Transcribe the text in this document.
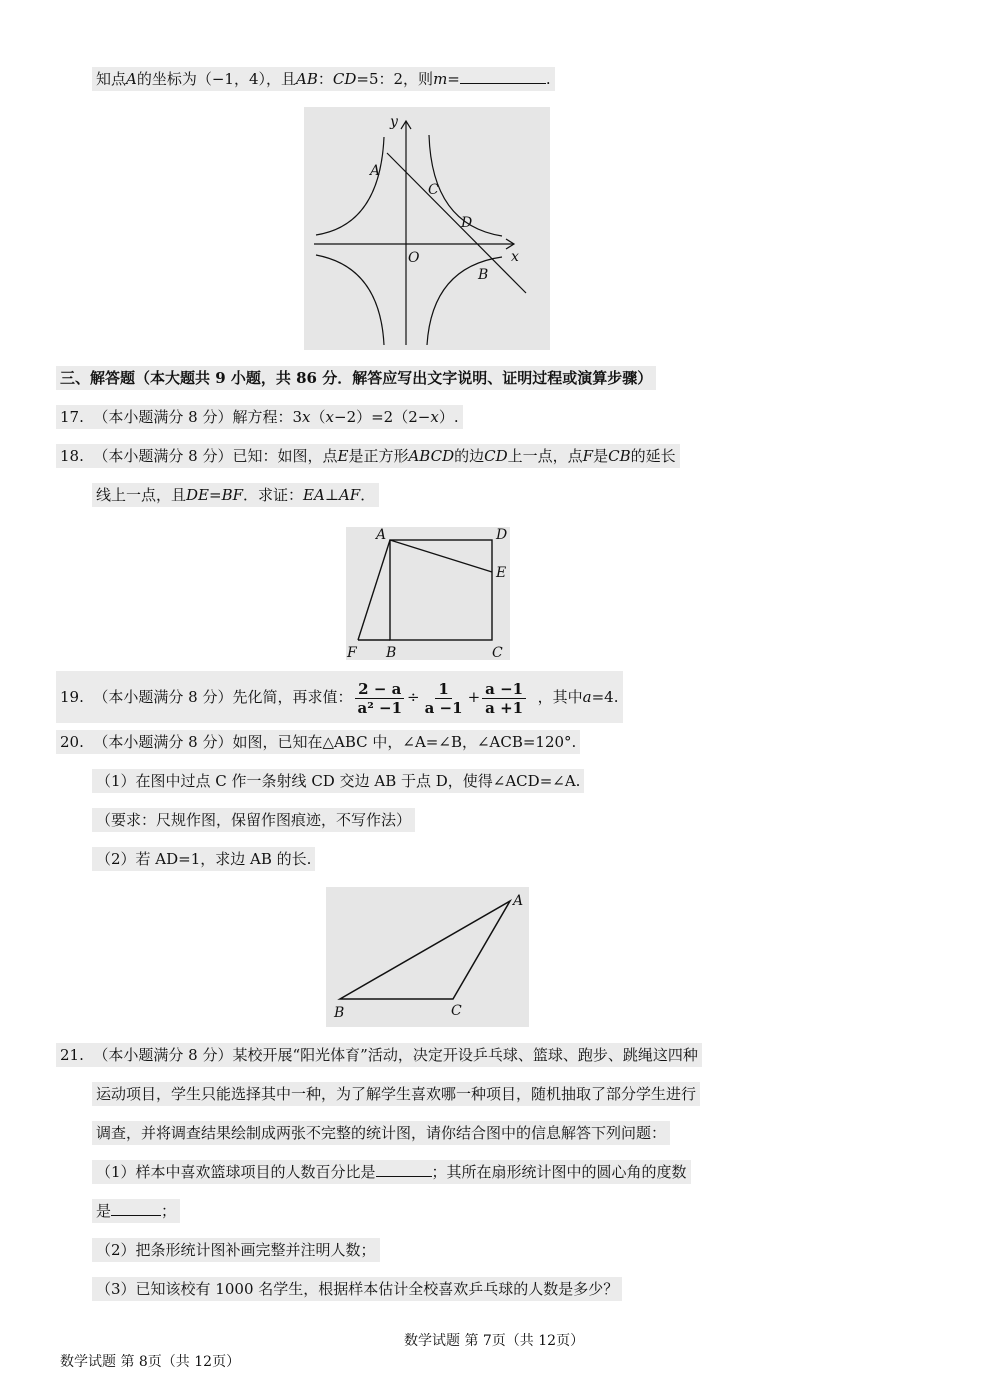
知点A的坐标为（−1，4），且AB：CD=5：2，则m=	.
y
x
O
A
C
D
B
三、解答题（本大题共 9 小题，共 86 分．解答应写出文字说明、证明过程或演算步骤）
17. （本小题满分 8 分）解方程：3x（x−2）=2（2−x）.
18. （本小题满分 8 分）已知：如图，点E是正方形ABCD的边CD上一点，点F是CB的延长
线上一点，且DE=BF．求证：EA⊥AF．
A	D
E
F B	C
19. （本小题满分 8 分）先化简，再求值： $\frac{2 - a}{\text{a² −1}} \div \frac{1}{a -1} + \frac{a -1}{a +1}$ ，其中a=4.
20. （本小题满分 8 分）如图，已知在△ABC 中，∠A=∠B，∠ACB=120°.
（1）在图中过点 C 作一条射线 CD 交边 AB 于点 D，使得∠ACD=∠A.
（要求：尺规作图，保留作图痕迹，不写作法）
（2）若 AD=1，求边 AB 的长.
A
B	C
21. （本小题满分 8 分）某校开展“阳光体育”活动，决定开设乒乓球、篮球、跑步、跳绳这四种
运动项目，学生只能选择其中一种，为了解学生喜欢哪一种项目，随机抽取了部分学生进行
调查，并将调查结果绘制成两张不完整的统计图，请你结合图中的信息解答下列问题：
（1）样本中喜欢篮球项目的人数百分比是	；其所在扇形统计图中的圆心角的度数
是	；
（2）把条形统计图补画完整并注明人数；
（3）已知该校有 1000 名学生，根据样本估计全校喜欢乒乓球的人数是多少？
数学试题 第 7页（共 12页）
数学试题 第 8页（共 12页）
